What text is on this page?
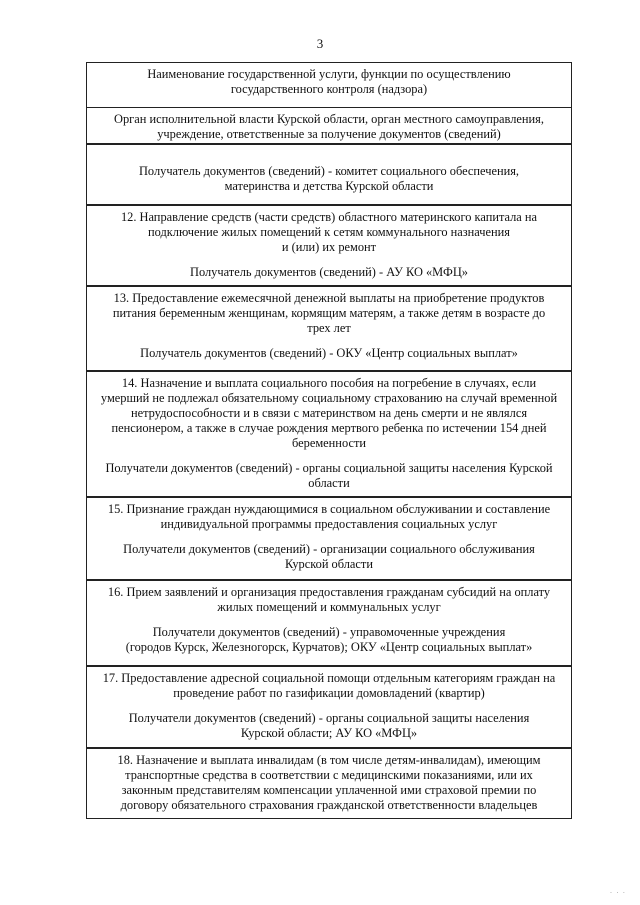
3
Наименование государственной услуги, функции по осуществлению
государственного контроля (надзора)
Орган исполнительной власти Курской области, орган местного самоуправления,
учреждение, ответственные за получение документов (сведений)
Получатель документов (сведений) - комитет социального обеспечения,
материнства и детства Курской области
12. Направление средств (части средств) областного материнского капитала на
подключение жилых помещений к сетям коммунального назначения
и (или) их ремонт
Получатель документов (сведений) - АУ КО «МФЦ»
13. Предоставление ежемесячной денежной выплаты на приобретение продуктов
питания беременным женщинам, кормящим матерям, а также детям в возрасте до
трех лет
Получатель документов (сведений) - ОКУ «Центр социальных выплат»
14. Назначение и выплата социального пособия на погребение в случаях, если
умерший не подлежал обязательному социальному страхованию на случай временной
нетрудоспособности и в связи с материнством на день смерти и не являлся
пенсионером, а также в случае рождения мертвого ребенка по истечении 154 дней
беременности
Получатели документов (сведений) - органы социальной защиты населения Курской
области
15. Признание граждан нуждающимися в социальном обслуживании и составление
индивидуальной программы предоставления социальных услуг
Получатели документов (сведений) - организации социального обслуживания
Курской области
16. Прием заявлений и организация предоставления гражданам субсидий на оплату
жилых помещений и коммунальных услуг
Получатели документов (сведений) - управомоченные учреждения
(городов Курск, Железногорск, Курчатов); ОКУ «Центр социальных выплат»
17. Предоставление адресной социальной помощи отдельным категориям граждан на
проведение работ по газификации домовладений (квартир)
Получатели документов (сведений) - органы социальной защиты населения
Курской области; АУ КО «МФЦ»
18. Назначение и выплата инвалидам (в том числе детям-инвалидам), имеющим
транспортные средства в соответствии с медицинскими показаниями, или их
законным представителям компенсации уплаченной ими страховой премии по
договору обязательного страхования гражданской ответственности владельцев
· · ·
